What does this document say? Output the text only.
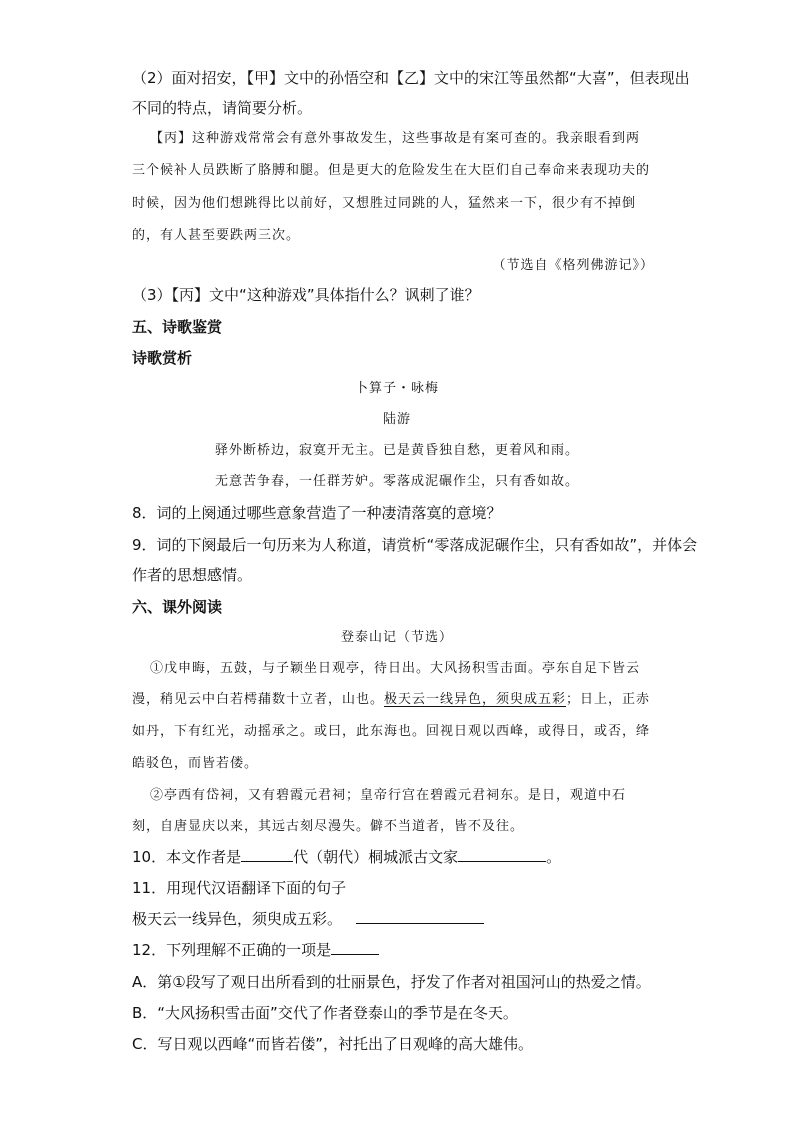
（2）面对招安，【甲】文中的孙悟空和【乙】文中的宋江等虽然都“大喜”，但表现出
不同的特点，请简要分析。
【丙】这种游戏常常会有意外事故发生，这些事故是有案可查的。我亲眼看到两
三个候补人员跌断了胳膊和腿。但是更大的危险发生在大臣们自己奉命来表现功夫的
时候，因为他们想跳得比以前好，又想胜过同跳的人，猛然来一下，很少有不掉倒
的，有人甚至要跌两三次。
（节选自《格列佛游记》）
（3）【丙】文中“这种游戏”具体指什么？讽刺了谁？
五、诗歌鉴赏
诗歌赏析
卜算子・咏梅
陆游
驿外断桥边，寂寞开无主。已是黄昏独自愁，更着风和雨。
无意苦争春，一任群芳妒。零落成泥碾作尘，只有香如故。
8．词的上阕通过哪些意象营造了一种凄清落寞的意境？
9．词的下阕最后一句历来为人称道，请赏析“零落成泥碾作尘，只有香如故”，并体会
作者的思想感情。
六、课外阅读
登泰山记（节选）
①戊申晦，五鼓，与子颖坐日观亭，待日出。大风扬积雪击面。亭东自足下皆云
漫，稍见云中白若樗蒱数十立者，山也。极天云一线异色，须臾成五彩；日上，正赤
如丹，下有红光，动摇承之。或曰，此东海也。回视日观以西峰，或得日，或否，绛
皓驳色，而皆若偻。
②亭西有岱祠，又有碧霞元君祠；皇帝行宫在碧霞元君祠东。是日，观道中石
刻，自唐显庆以来，其远古刻尽漫失。僻不当道者，皆不及往。
10．本文作者是	代（朝代）桐城派古文家	。
11．用现代汉语翻译下面的句子
极天云一线异色，须臾成五彩。
12．下列理解不正确的一项是
A．第①段写了观日出所看到的壮丽景色，抒发了作者对祖国河山的热爱之情。
B．“大风扬积雪击面”交代了作者登泰山的季节是在冬天。
C．写日观以西峰“而皆若偻”，衬托出了日观峰的高大雄伟。
